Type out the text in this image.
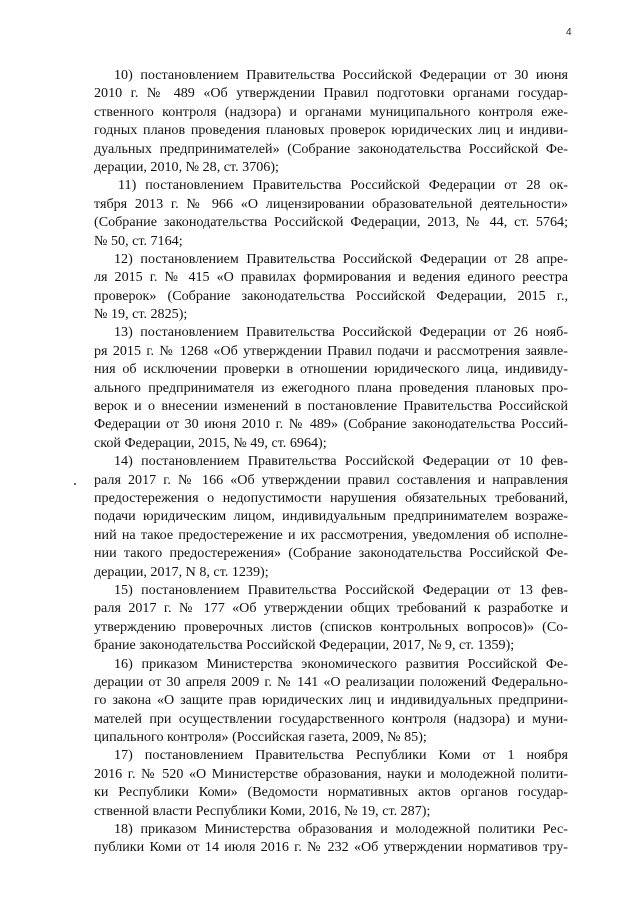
4
10) постановлением Правительства Российской Федерации от 30 июня
2010 г. № 489 «Об утверждении Правил подготовки органами государ-
ственного контроля (надзора) и органами муниципального контроля еже-
годных планов проведения плановых проверок юридических лиц и индиви-
дуальных предпринимателей» (Собрание законодательства Российской Фе-
дерации, 2010, № 28, ст. 3706);
11) постановлением Правительства Российской Федерации от 28 ок-
тября 2013 г. № 966 «О лицензировании образовательной деятельности»
(Собрание законодательства Российской Федерации, 2013, № 44, ст. 5764;
№ 50, ст. 7164;
12) постановлением Правительства Российской Федерации от 28 апре-
ля 2015 г. № 415 «О правилах формирования и ведения единого реестра
проверок» (Собрание законодательства Российской Федерации, 2015 г.,
№ 19, ст. 2825);
13) постановлением Правительства Российской Федерации от 26 нояб-
ря 2015 г. № 1268 «Об утверждении Правил подачи и рассмотрения заявле-
ния об исключении проверки в отношении юридического лица, индивиду-
ального предпринимателя из ежегодного плана проведения плановых про-
верок и о внесении изменений в постановление Правительства Российской
Федерации от 30 июня 2010 г. № 489» (Собрание законодательства Россий-
ской Федерации, 2015, № 49, ст. 6964);
14) постановлением Правительства Российской Федерации от 10 фев-
раля 2017 г. № 166 «Об утверждении правил составления и направления
предостережения о недопустимости нарушения обязательных требований,
подачи юридическим лицом, индивидуальным предпринимателем возраже-
ний на такое предостережение и их рассмотрения, уведомления об исполне-
нии такого предостережения» (Собрание законодательства Российской Фе-
дерации, 2017, N 8, ст. 1239);
15) постановлением Правительства Российской Федерации от 13 фев-
раля 2017 г. № 177 «Об утверждении общих требований к разработке и
утверждению проверочных листов (списков контрольных вопросов)» (Со-
брание законодательства Российской Федерации, 2017, № 9, ст. 1359);
16) приказом Министерства экономического развития Российской Фе-
дерации от 30 апреля 2009 г. № 141 «О реализации положений Федерально-
го закона «О защите прав юридических лиц и индивидуальных предприни-
мателей при осуществлении государственного контроля (надзора) и муни-
ципального контроля» (Российская газета, 2009, № 85);
17) постановлением Правительства Республики Коми от 1 ноября
2016 г. № 520 «О Министерстве образования, науки и молодежной полити-
ки Республики Коми» (Ведомости нормативных актов органов государ-
ственной власти Республики Коми, 2016, № 19, ст. 287);
18) приказом Министерства образования и молодежной политики Рес-
публики Коми от 14 июля 2016 г. № 232 «Об утверждении нормативов тру-
